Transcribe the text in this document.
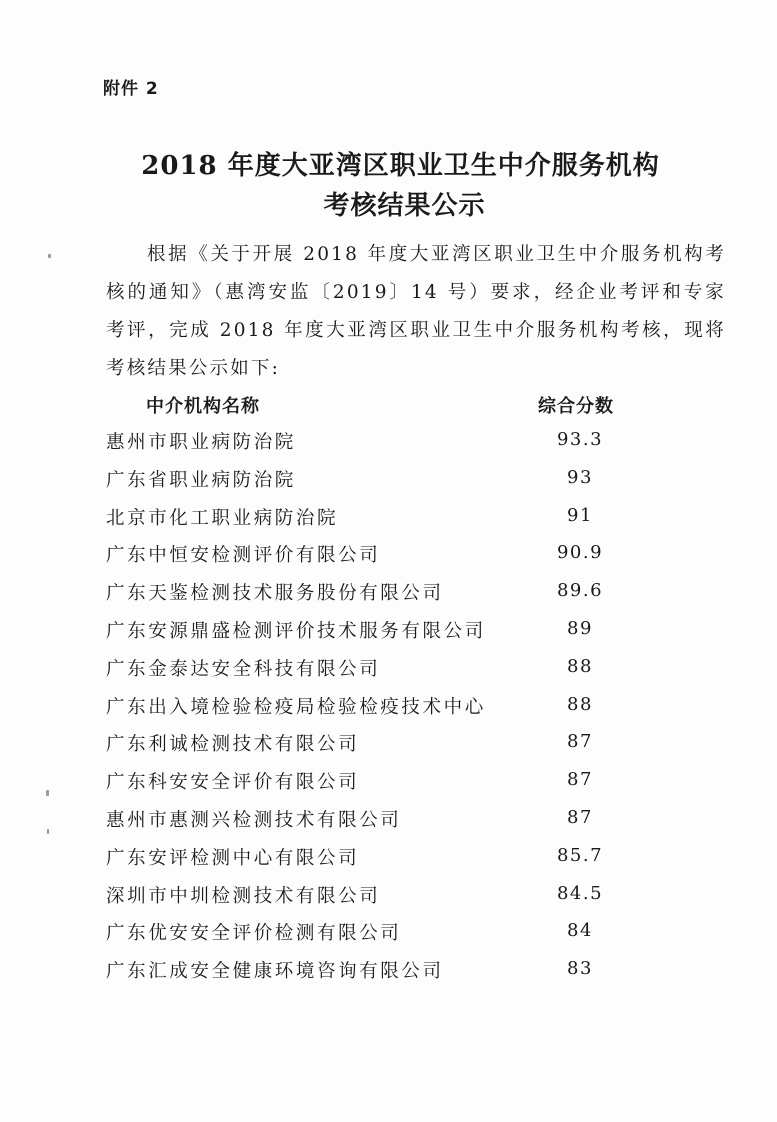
附件 2
2018 年度大亚湾区职业卫生中介服务机构
考核结果公示
根据《关于开展 2018 年度大亚湾区职业卫生中介服务机构考核的通知》（惠湾安监〔2019〕14 号）要求，经企业考评和专家考评，完成 2018 年度大亚湾区职业卫生中介服务机构考核，现将考核结果公示如下:
中介机构名称	综合分数
惠州市职业病防治院	93.3
广东省职业病防治院	93
北京市化工职业病防治院	91
广东中恒安检测评价有限公司	90.9
广东天鉴检测技术服务股份有限公司	89.6
广东安源鼎盛检测评价技术服务有限公司	89
广东金泰达安全科技有限公司	88
广东出入境检验检疫局检验检疫技术中心	88
广东利诚检测技术有限公司	87
广东科安安全评价有限公司	87
惠州市惠测兴检测技术有限公司	87
广东安评检测中心有限公司	85.7
深圳市中圳检测技术有限公司	84.5
广东优安安全评价检测有限公司	84
广东汇成安全健康环境咨询有限公司	83
